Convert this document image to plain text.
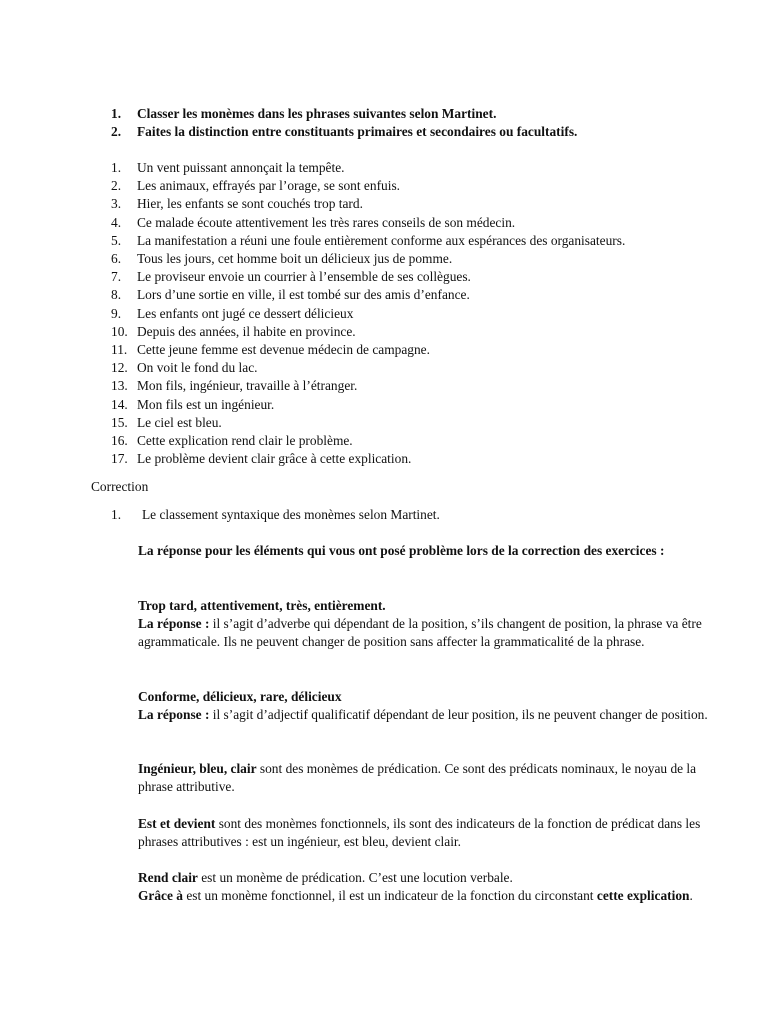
1.	Classer les monèmes dans les phrases suivantes selon Martinet.
2.	Faites la distinction entre constituants primaires et secondaires ou facultatifs.
1.	Un vent puissant annonçait la tempête.
2.	Les animaux, effrayés par l’orage, se sont enfuis.
3.	Hier, les enfants se sont couchés trop tard.
4.	Ce malade écoute attentivement les très rares conseils de son médecin.
5.	La manifestation a réuni une foule entièrement conforme aux espérances des organisateurs.
6.	Tous les jours, cet homme boit un délicieux jus de pomme.
7.	Le proviseur envoie un courrier à l’ensemble de ses collègues.
8.	Lors d’une sortie en ville, il est tombé sur des amis d’enfance.
9.	Les enfants ont jugé ce dessert délicieux
10. Depuis des années, il habite en province.
11. Cette jeune femme est devenue médecin de campagne.
12. On voit le fond du lac.
13. Mon fils, ingénieur, travaille à l’étranger.
14. Mon fils est un ingénieur.
15. Le ciel est bleu.
16. Cette explication rend clair le problème.
17. Le problème devient clair grâce à cette explication.
Correction
1. Le classement syntaxique des monèmes selon Martinet.

La réponse pour les éléments qui vous ont posé problème lors de la correction des exercices :

Trop tard, attentivement, très, entièrement.
La réponse : il s’agit d’adverbe qui dépendant de la position, s’ils changent de position, la phrase va être agrammaticale. Ils ne peuvent changer de position sans affecter la grammaticalité de la phrase.

Conforme, délicieux, rare, délicieux
La réponse : il s’agit d’adjectif qualificatif dépendant de leur position, ils ne peuvent changer de position.

Ingénieur, bleu, clair sont des monèmes de prédication. Ce sont des prédicats nominaux, le noyau de la phrase attributive.

Est et devient sont des monèmes fonctionnels, ils sont des indicateurs de la fonction de prédicat dans les phrases attributives : est un ingénieur, est bleu, devient clair.

Rend clair est un monème de prédication. C’est une locution verbale.
Grâce à est un monème fonctionnel, il est un indicateur de la fonction du circonstant cette explication.
